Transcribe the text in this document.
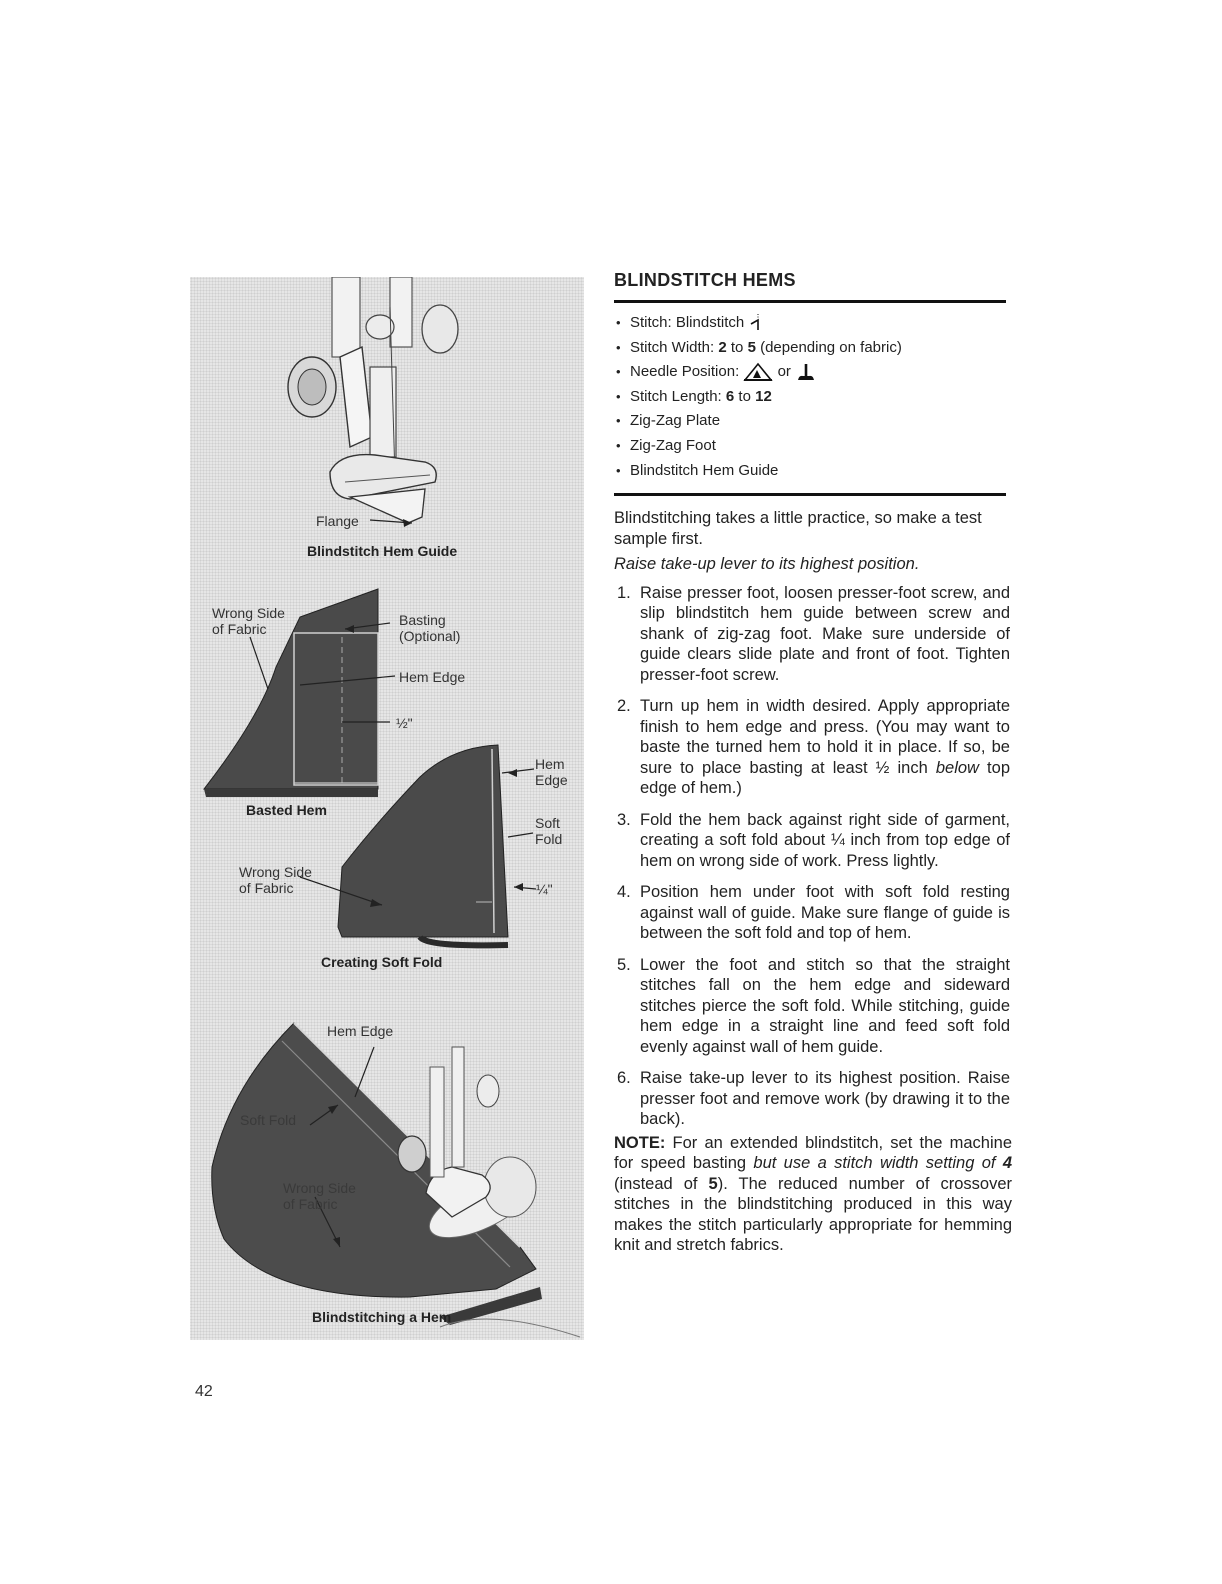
Flange
Blindstitch Hem Guide
Wrong Side
of Fabric
Basting
(Optional)
Hem Edge
½"
Basted Hem
Hem
Edge
Soft
Fold
¼"
Wrong Side
of Fabric
Creating Soft Fold
Hem Edge
Soft Fold
Wrong Side
of Fabric
Blindstitching a Hem
BLINDSTITCH HEMS
• Stitch: Blindstitch
• Stitch Width: 2 to 5 (depending on fabric)
• Needle Position:  or
• Stitch Length: 6 to 12
• Zig-Zag Plate
• Zig-Zag Foot
• Blindstitch Hem Guide

Blindstitching takes a little practice, so make a test sample first.

Raise take-up lever to its highest position.

1. Raise presser foot, loosen presser-foot screw, and slip blindstitch hem guide between screw and shank of zig-zag foot. Make sure underside of guide clears slide plate and front of foot. Tighten presser-foot screw.
2. Turn up hem in width desired. Apply appropriate finish to hem edge and press. (You may want to baste the turned hem to hold it in place. If so, be sure to place basting at least ½ inch below top edge of hem.)
3. Fold the hem back against right side of garment, creating a soft fold about ¼ inch from top edge of hem on wrong side of work. Press lightly.
4. Position hem under foot with soft fold resting against wall of guide. Make sure flange of guide is between the soft fold and top of hem.
5. Lower the foot and stitch so that the straight stitches fall on the hem edge and sideward stitches pierce the soft fold. While stitching, guide hem edge in a straight line and feed soft fold evenly against wall of hem guide.
6. Raise take-up lever to its highest position. Raise presser foot and remove work (by drawing it to the back).

NOTE: For an extended blindstitch, set the machine for speed basting but use a stitch width setting of 4 (instead of 5). The reduced number of crossover stitches in the blindstitching produced in this way makes the stitch particularly appropriate for hemming knit and stretch fabrics.

42
